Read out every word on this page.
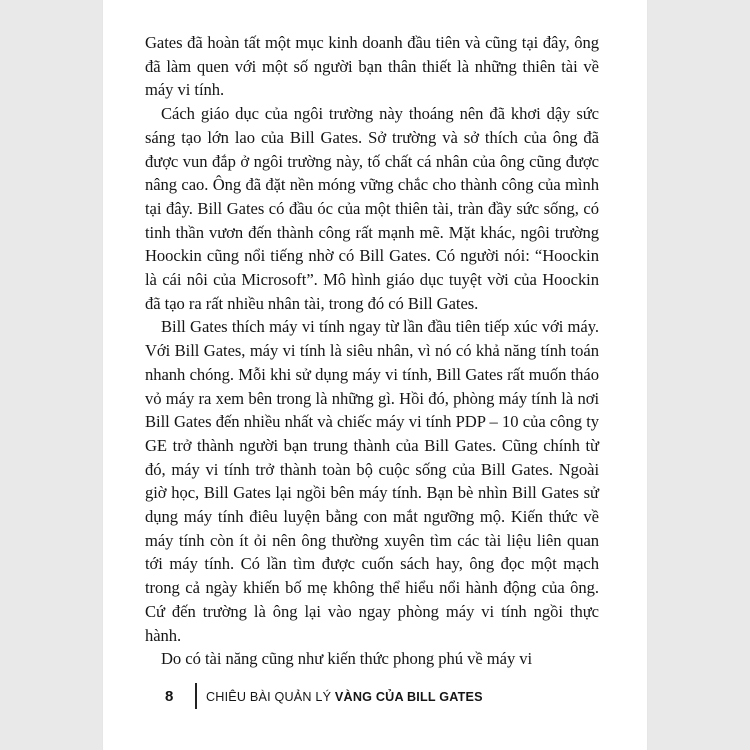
Gates đã hoàn tất một mục kinh doanh đầu tiên và cũng tại đây, ông đã làm quen với một số người bạn thân thiết là những thiên tài về máy vi tính.

Cách giáo dục của ngôi trường này thoáng nên đã khơi dậy sức sáng tạo lớn lao của Bill Gates. Sở trường và sở thích của ông đã được vun đắp ở ngôi trường này, tố chất cá nhân của ông cũng được nâng cao. Ông đã đặt nền móng vững chắc cho thành công của mình tại đây. Bill Gates có đầu óc của một thiên tài, tràn đầy sức sống, có tinh thần vươn đến thành công rất mạnh mẽ. Mặt khác, ngôi trường Hoockin cũng nổi tiếng nhờ có Bill Gates. Có người nói: “Hoockin là cái nôi của Microsoft”. Mô hình giáo dục tuyệt vời của Hoockin đã tạo ra rất nhiều nhân tài, trong đó có Bill Gates.

Bill Gates thích máy vi tính ngay từ lần đầu tiên tiếp xúc với máy. Với Bill Gates, máy vi tính là siêu nhân, vì nó có khả năng tính toán nhanh chóng. Mỗi khi sử dụng máy vi tính, Bill Gates rất muốn tháo vỏ máy ra xem bên trong là những gì. Hồi đó, phòng máy tính là nơi Bill Gates đến nhiều nhất và chiếc máy vi tính PDP – 10 của công ty GE trở thành người bạn trung thành của Bill Gates. Cũng chính từ đó, máy vi tính trở thành toàn bộ cuộc sống của Bill Gates. Ngoài giờ học, Bill Gates lại ngồi bên máy tính. Bạn bè nhìn Bill Gates sử dụng máy tính điêu luyện bằng con mắt ngưỡng mộ. Kiến thức về máy tính còn ít ỏi nên ông thường xuyên tìm các tài liệu liên quan tới máy tính. Có lần tìm được cuốn sách hay, ông đọc một mạch trong cả ngày khiến bố mẹ không thể hiểu nổi hành động của ông. Cứ đến trường là ông lại vào ngay phòng máy vi tính ngồi thực hành.

Do có tài năng cũng như kiến thức phong phú về máy vi

8	CHIÊU BÀI QUẢN LÝ VÀNG CỦA BILL GATES
